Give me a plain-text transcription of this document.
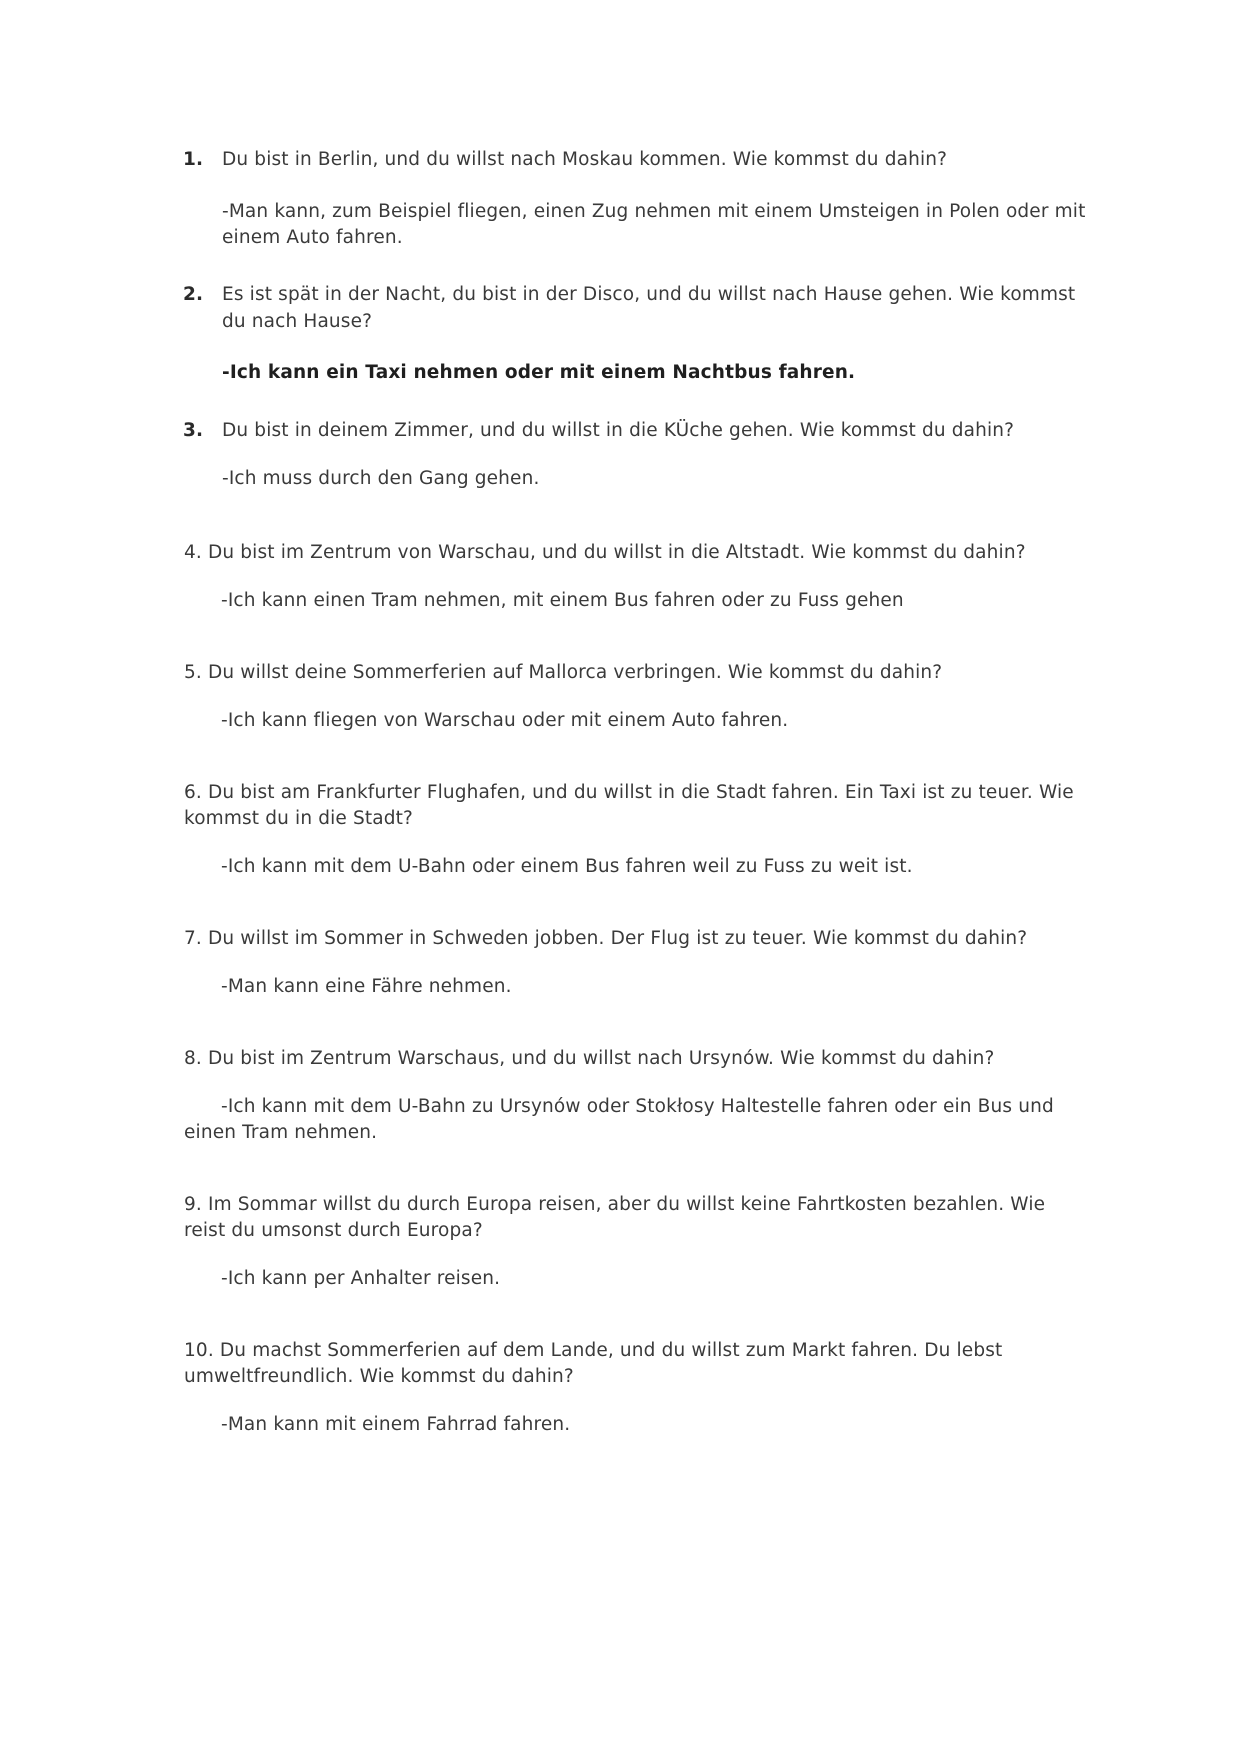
1. Du bist in Berlin, und du willst nach Moskau kommen. Wie kommst du dahin?
-Man kann, zum Beispiel fliegen, einen Zug nehmen mit einem Umsteigen in Polen oder mit
einem Auto fahren.
2. Es ist spät in der Nacht, du bist in der Disco, und du willst nach Hause gehen. Wie kommst
du nach Hause?
-Ich kann ein Taxi nehmen oder mit einem Nachtbus fahren.
3. Du bist in deinem Zimmer, und du willst in die KÜche gehen. Wie kommst du dahin?
-Ich muss durch den Gang gehen.
4. Du bist im Zentrum von Warschau, und du willst in die Altstadt. Wie kommst du dahin?
-Ich kann einen Tram nehmen, mit einem Bus fahren oder zu Fuss gehen
5. Du willst deine Sommerferien auf Mallorca verbringen. Wie kommst du dahin?
-Ich kann fliegen von Warschau oder mit einem Auto fahren.
6. Du bist am Frankfurter Flughafen, und du willst in die Stadt fahren. Ein Taxi ist zu teuer. Wie
kommst du in die Stadt?
-Ich kann mit dem U-Bahn oder einem Bus fahren weil zu Fuss zu weit ist.
7. Du willst im Sommer in Schweden jobben. Der Flug ist zu teuer. Wie kommst du dahin?
-Man kann eine Fähre nehmen.
8. Du bist im Zentrum Warschaus, und du willst nach Ursynów. Wie kommst du dahin?
-Ich kann mit dem U-Bahn zu Ursynów oder Stokłosy Haltestelle fahren oder ein Bus und
einen Tram nehmen.
9. Im Sommar willst du durch Europa reisen, aber du willst keine Fahrtkosten bezahlen. Wie
reist du umsonst durch Europa?
-Ich kann per Anhalter reisen.
10. Du machst Sommerferien auf dem Lande, und du willst zum Markt fahren. Du lebst
umweltfreundlich. Wie kommst du dahin?
-Man kann mit einem Fahrrad fahren.
